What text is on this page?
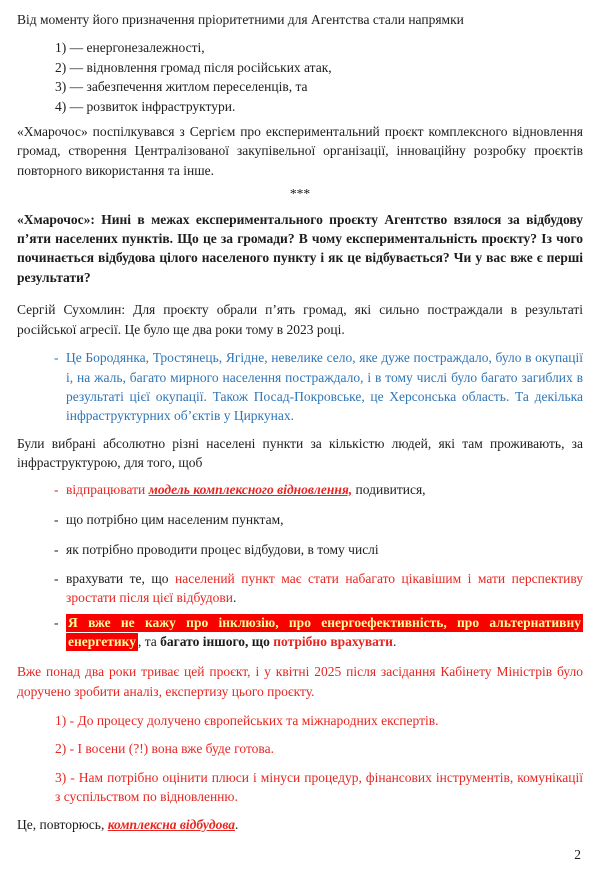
Від моменту його призначення пріоритетними для Агентства стали напрямки

1) — енергонезалежності,
2) — відновлення громад після російських атак,
3) — забезпечення житлом переселенців, та
4) — розвиток інфраструктури.

«Хмарочос» поспілкувався з Сергієм про експериментальний проєкт комплексного відновлення громад, створення Централізованої закупівельної організації, інноваційну розробку проєктів повторного використання та інше.

***

«Хмарочос»: Нині в межах експериментального проєкту Агентство взялося за відбудову п’яти населених пунктів. Що це за громади? В чому експериментальність проєкту? Із чого починається відбудова цілого населеного пункту і як це відбувається? Чи у вас вже є перші результати?

Сергій Сухомлин: Для проєкту обрали п’ять громад, які сильно постраждали в результаті російської агресії. Це було ще два роки тому в 2023 році.

- Це Бородянка, Тростянець, Ягідне, невелике село, яке дуже постраждало, було в окупації і, на жаль, багато мирного населення постраждало, і в тому числі було багато загиблих в результаті цієї окупації. Також Посад-Покровське, це Херсонська область. Та декілька інфраструктурних об’єктів у Циркунах.

Були вибрані абсолютно різні населені пункти за кількістю людей, які там проживають, за інфраструктурою, для того, щоб

- відпрацювати модель комплексного відновлення, подивитися,
- що потрібно цим населеним пунктам,
- як потрібно проводити процес відбудови, в тому числі
- врахувати те, що населений пункт має стати набагато цікавішим і мати перспективу зростати після цієї відбудови.
- Я вже не кажу про інклюзію, про енергоефективність, про альтернативну енергетику , та багато іншого, що потрібно врахувати.

Вже понад два роки триває цей проєкт, і у квітні 2025 після засідання Кабінету Міністрів було доручено зробити аналіз, експертизу цього проєкту.

1) - До процесу долучено європейських та міжнародних експертів.
2) - І восени (?!) вона вже буде готова.
3) - Нам потрібно оцінити плюси і мінуси процедур, фінансових інструментів, комунікації з суспільством по відновленню.

Це, повторюсь, комплексна відбудова.

2
